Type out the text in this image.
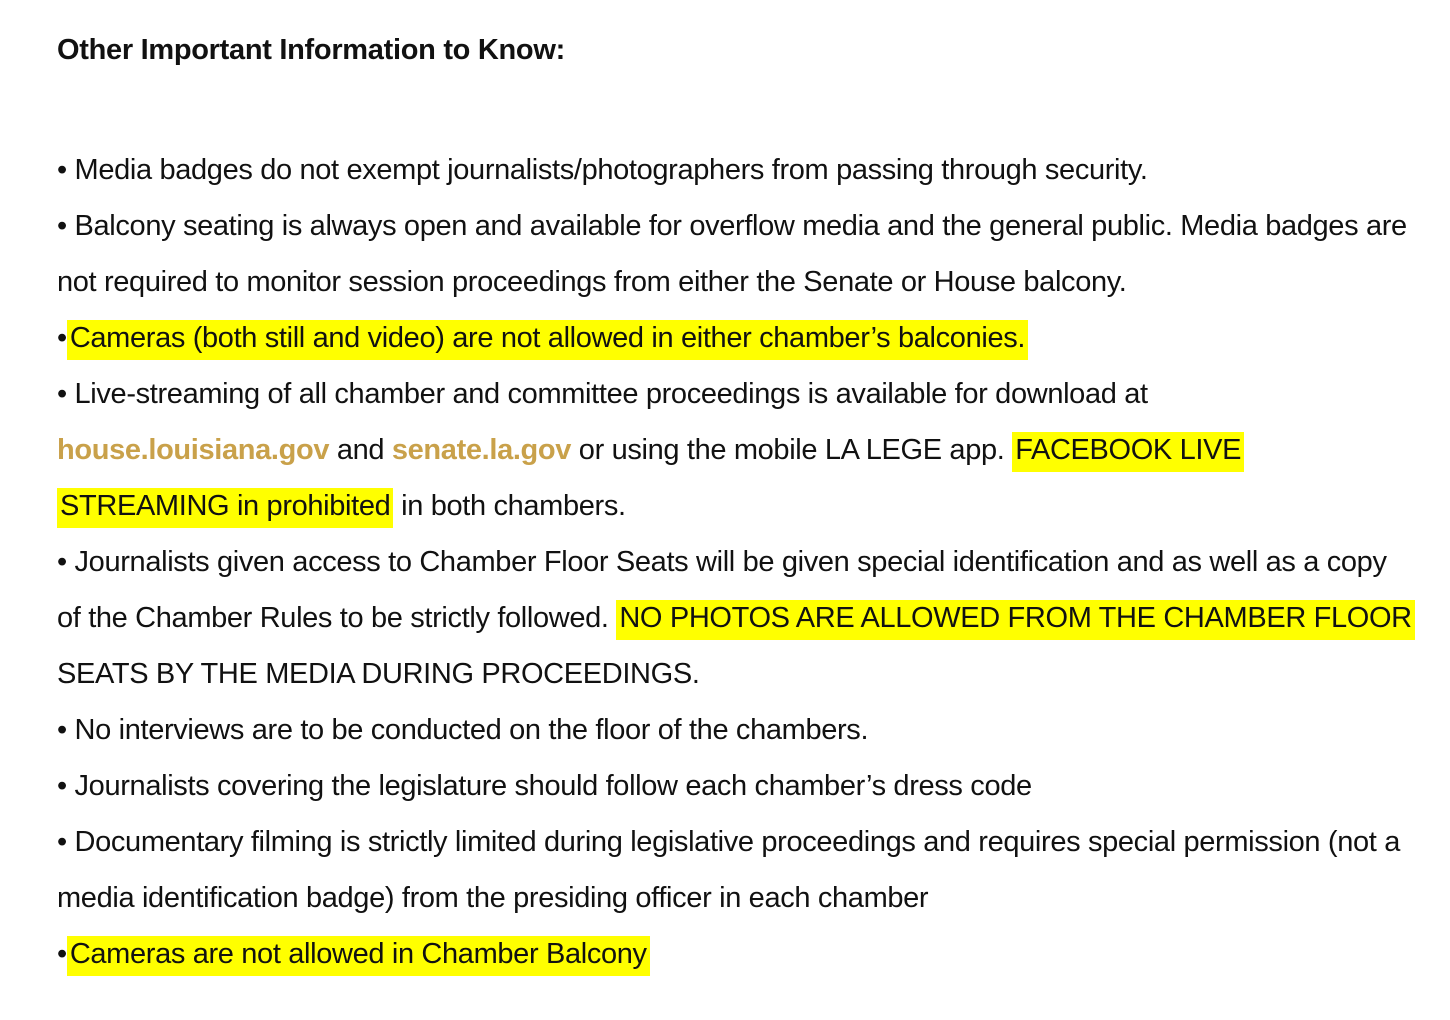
Other Important Information to Know:

• Media badges do not exempt journalists/photographers from passing through security.
• Balcony seating is always open and available for overflow media and the general public. Media badges are not required to monitor session proceedings from either the Senate or House balcony.
• Cameras (both still and video) are not allowed in either chamber’s balconies.
• Live-streaming of all chamber and committee proceedings is available for download at house.louisiana.gov and senate.la.gov or using the mobile LA LEGE app. FACEBOOK LIVE STREAMING in prohibited in both chambers.
• Journalists given access to Chamber Floor Seats will be given special identification and as well as a copy of the Chamber Rules to be strictly followed. NO PHOTOS ARE ALLOWED FROM THE CHAMBER FLOOR SEATS BY THE MEDIA DURING PROCEEDINGS.
• No interviews are to be conducted on the floor of the chambers.
• Journalists covering the legislature should follow each chamber’s dress code
• Documentary filming is strictly limited during legislative proceedings and requires special permission (not a media identification badge) from the presiding officer in each chamber
• Cameras are not allowed in Chamber Balcony
